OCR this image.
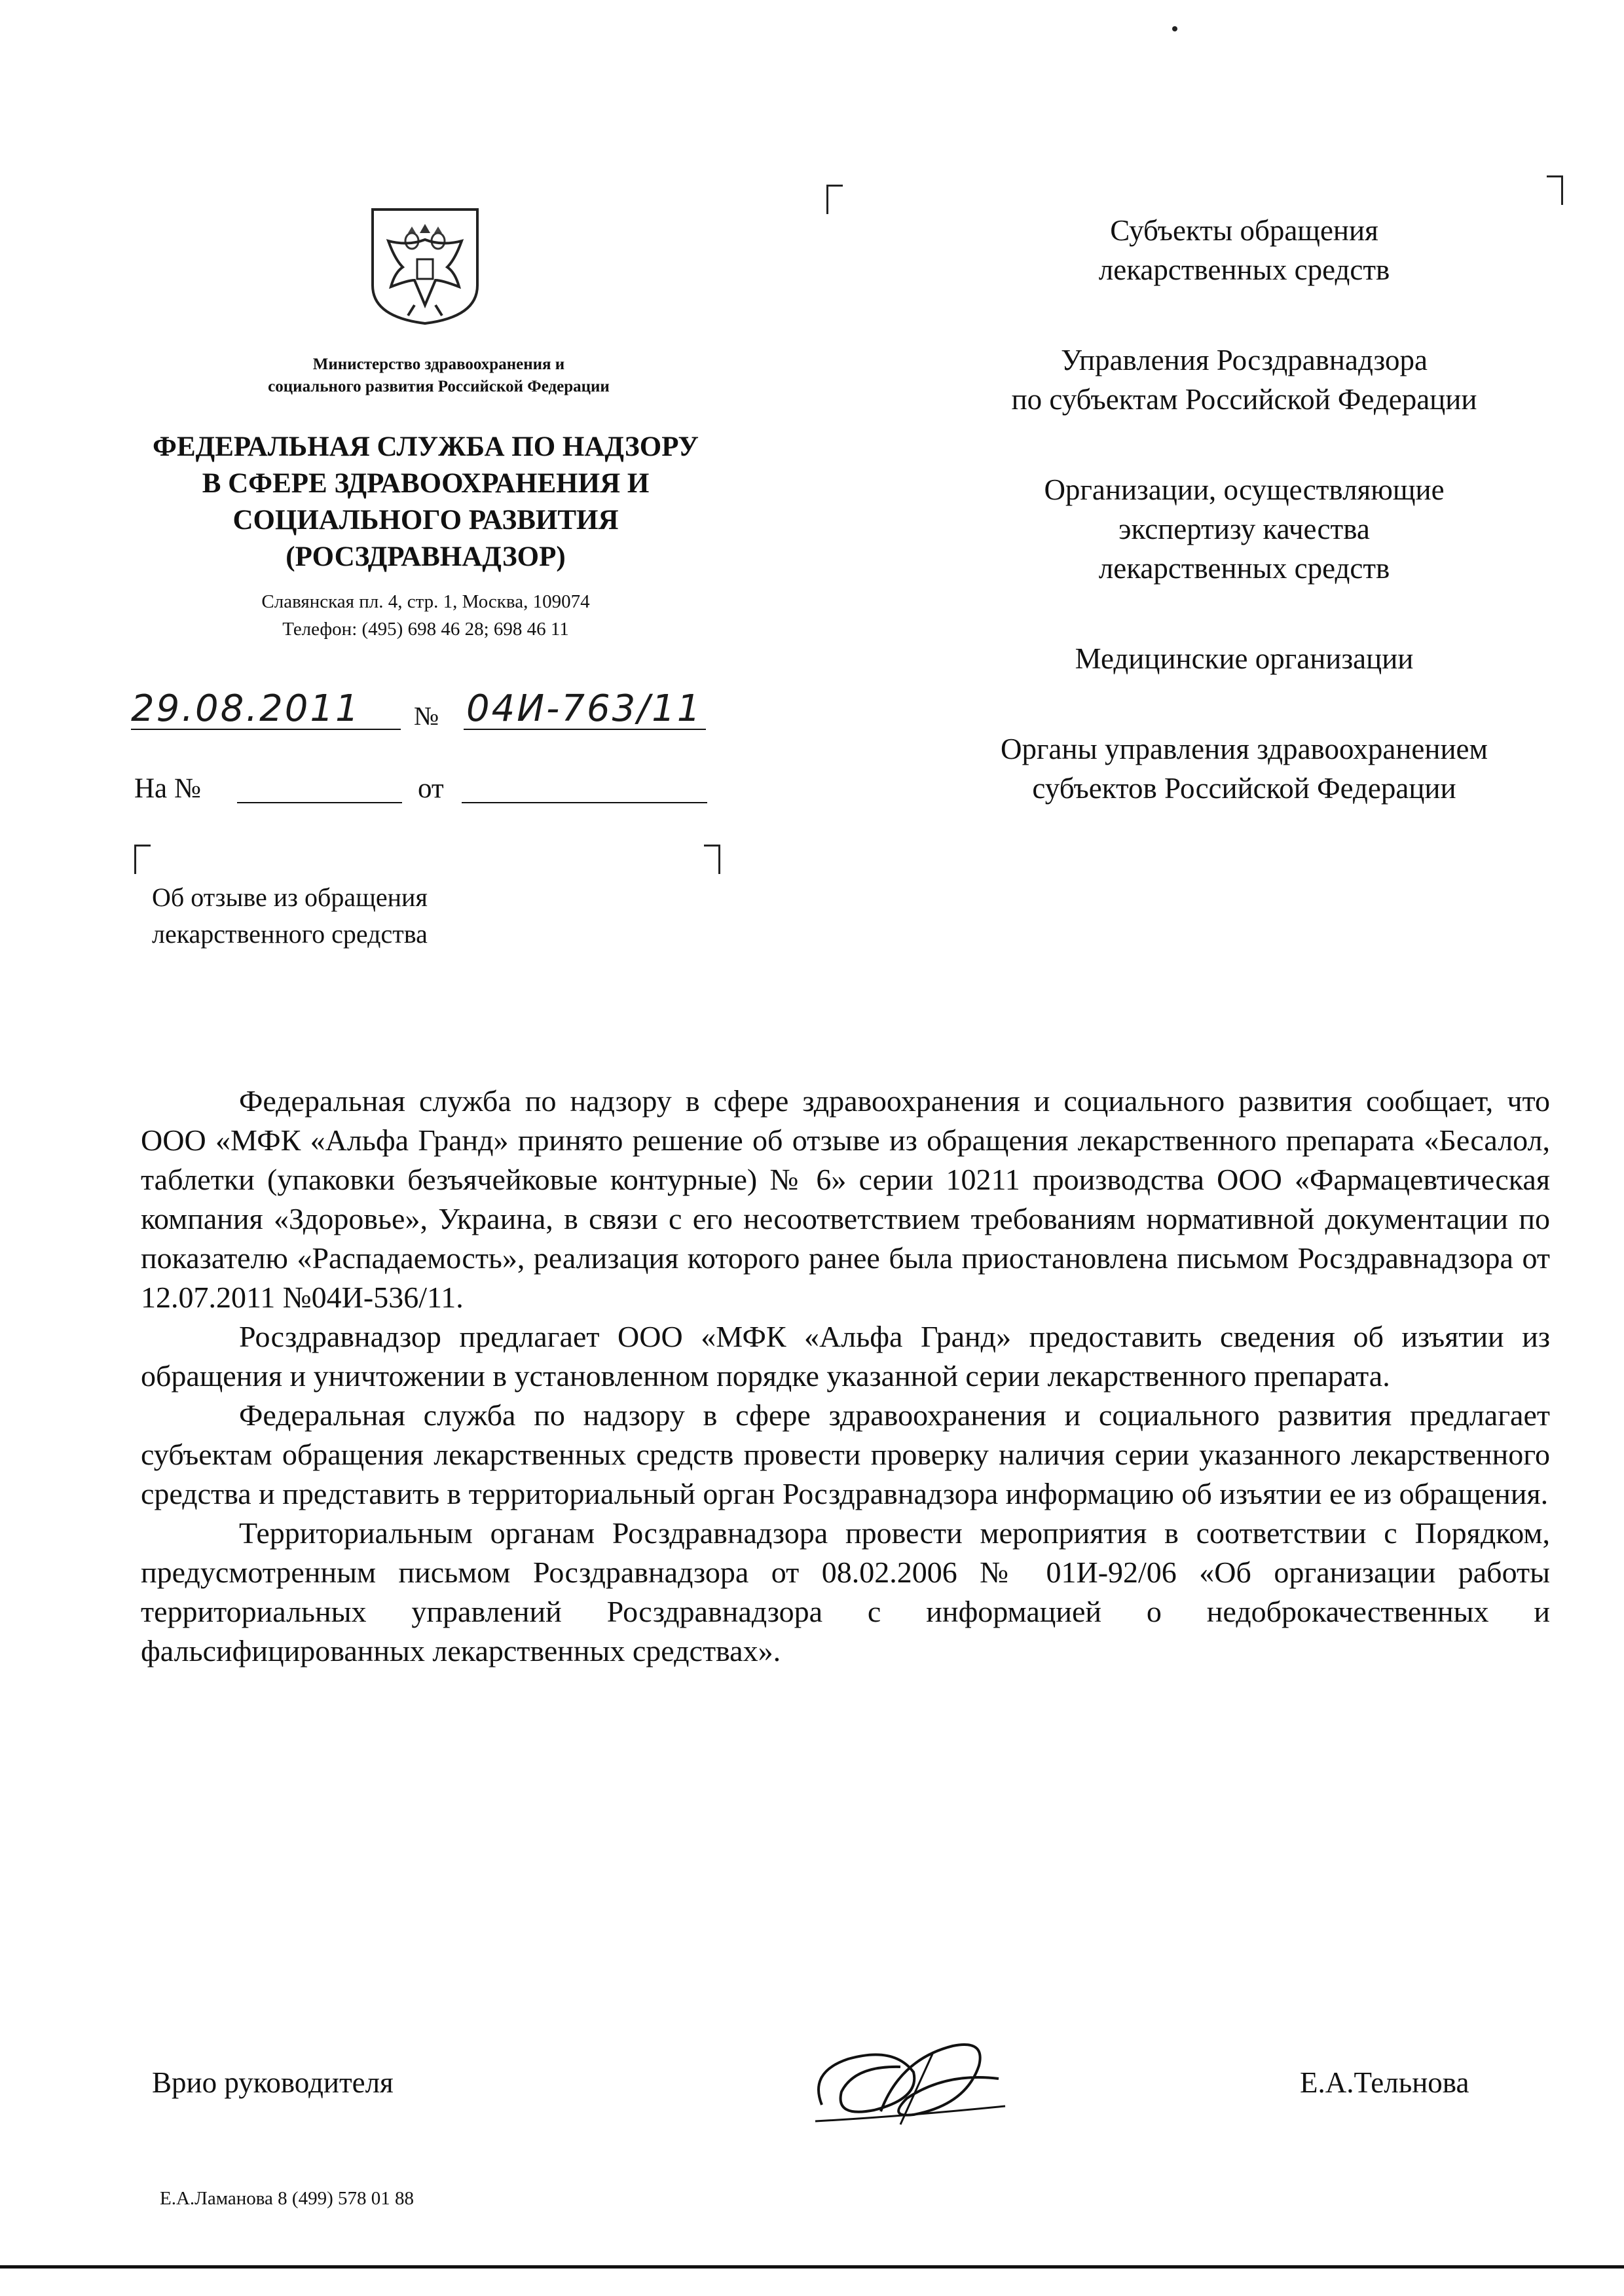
Министерство здравоохранения и
социального развития Российской Федерации
ФЕДЕРАЛЬНАЯ СЛУЖБА ПО НАДЗОРУ
В СФЕРЕ ЗДРАВООХРАНЕНИЯ И
СОЦИАЛЬНОГО РАЗВИТИЯ
(РОСЗДРАВНАДЗОР)
Славянская пл. 4, стр. 1, Москва, 109074
Телефон: (495) 698 46 28; 698 46 11
29.08.2011 № 04И-763/11
На №	от
Об отзыве из обращения
лекарственного средства
Субъекты обращения
лекарственных средств
Управления Росздравнадзора
по субъектам Российской Федерации
Организации, осуществляющие
экспертизу качества
лекарственных средств
Медицинские организации
Органы управления здравоохранением
субъектов Российской Федерации

Федеральная служба по надзору в сфере здравоохранения и социального развития сообщает, что ООО «МФК «Альфа Гранд» принято решение об отзыве из обращения лекарственного препарата «Бесалол, таблетки (упаковки безъячейковые контурные) № 6» серии 10211 производства ООО «Фармацевтическая компания «Здоровье», Украина, в связи с его несоответствием требованиям нормативной документации по показателю «Распадаемость», реализация которого ранее была приостановлена письмом Росздравнадзора от 12.07.2011 №04И-536/11.

Росздравнадзор предлагает ООО «МФК «Альфа Гранд» предоставить сведения об изъятии из обращения и уничтожении в установленном порядке указанной серии лекарственного препарата.

Федеральная служба по надзору в сфере здравоохранения и социального развития предлагает субъектам обращения лекарственных средств провести проверку наличия серии указанного лекарственного средства и представить в территориальный орган Росздравнадзора информацию об изъятии ее из обращения.

Территориальным органам Росздравнадзора провести мероприятия в соответствии с Порядком, предусмотренным письмом Росздравнадзора от 08.02.2006 № 01И-92/06 «Об организации работы территориальных управлений Росздравнадзора с информацией о недоброкачественных и фальсифицированных лекарственных средствах».

Врио руководителя	Е.А.Тельнова
Е.А.Ламанова 8 (499) 578 01 88
